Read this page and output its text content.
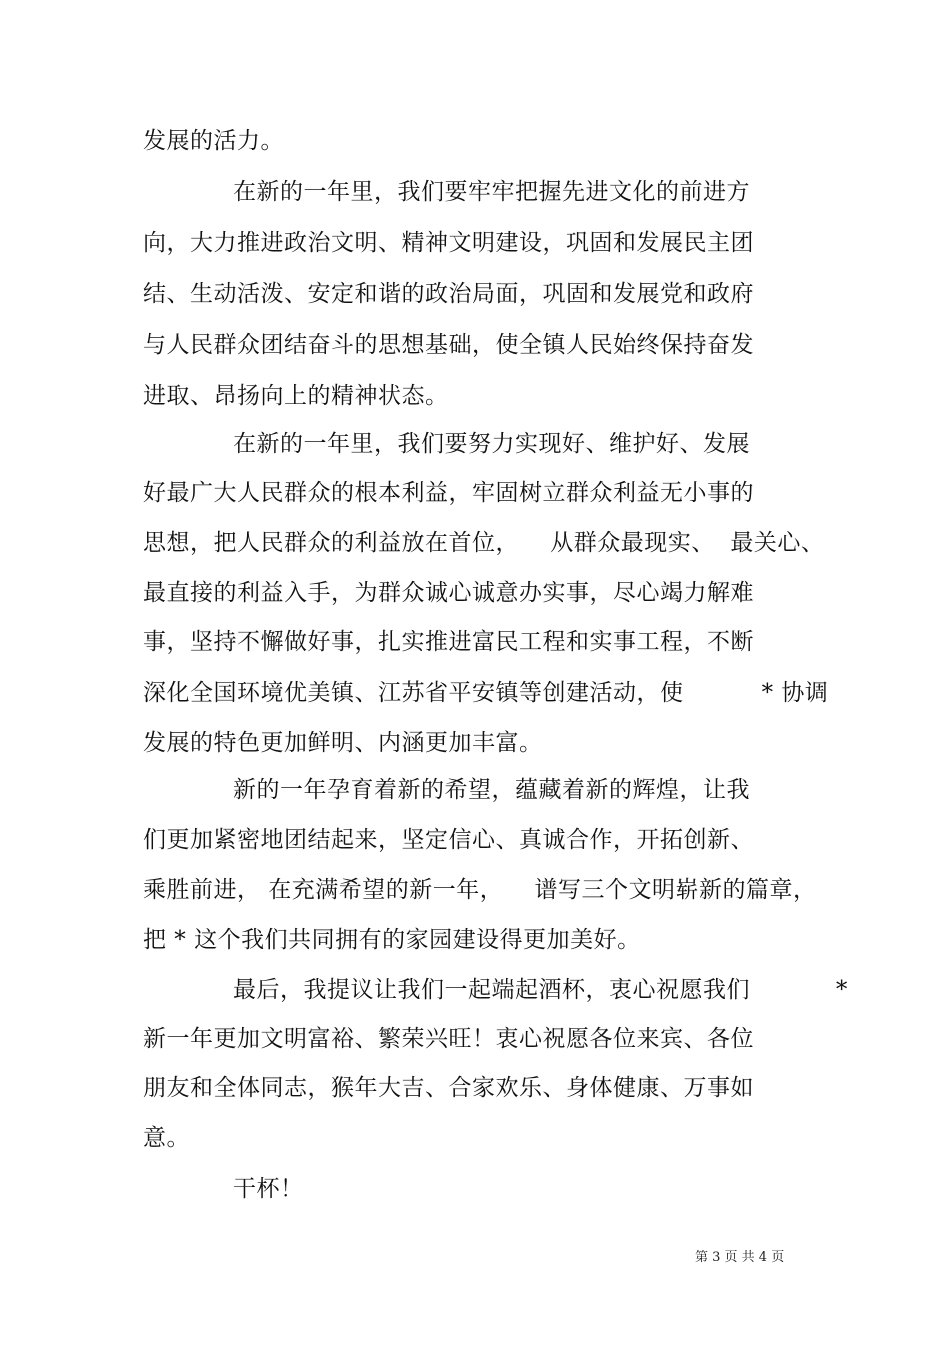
发展的活力。
在新的一年里，我们要牢牢把握先进文化的前进方
向，大力推进政治文明、精神文明建设，巩固和发展民主团
结、生动活泼、安定和谐的政治局面，巩固和发展党和政府
与人民群众团结奋斗的思想基础，使全镇人民始终保持奋发
进取、昂扬向上的精神状态。
在新的一年里，我们要努力实现好、维护好、发展
好最广大人民群众的根本利益，牢固树立群众利益无小事的
思想，把人民群众的利益放在首位，    从群众最现实、  最关心、
最直接的利益入手，为群众诚心诚意办实事，尽心竭力解难
事，坚持不懈做好事，扎实推进富民工程和实事工程，不断
深化全国环境优美镇、江苏省平安镇等创建活动，使          * 协调
发展的特色更加鲜明、内涵更加丰富。
新的一年孕育着新的希望，蕴藏着新的辉煌，让我
们更加紧密地团结起来，坚定信心、真诚合作，开拓创新、
乘胜前进， 在充满希望的新一年，    谱写三个文明崭新的篇章，
把 * 这个我们共同拥有的家园建设得更加美好。
最后，我提议让我们一起端起酒杯，衷心祝愿我们           *
新一年更加文明富裕、繁荣兴旺！衷心祝愿各位来宾、各位
朋友和全体同志，猴年大吉、合家欢乐、身体健康、万事如
意。
干杯！
第 3 页 共 4 页
